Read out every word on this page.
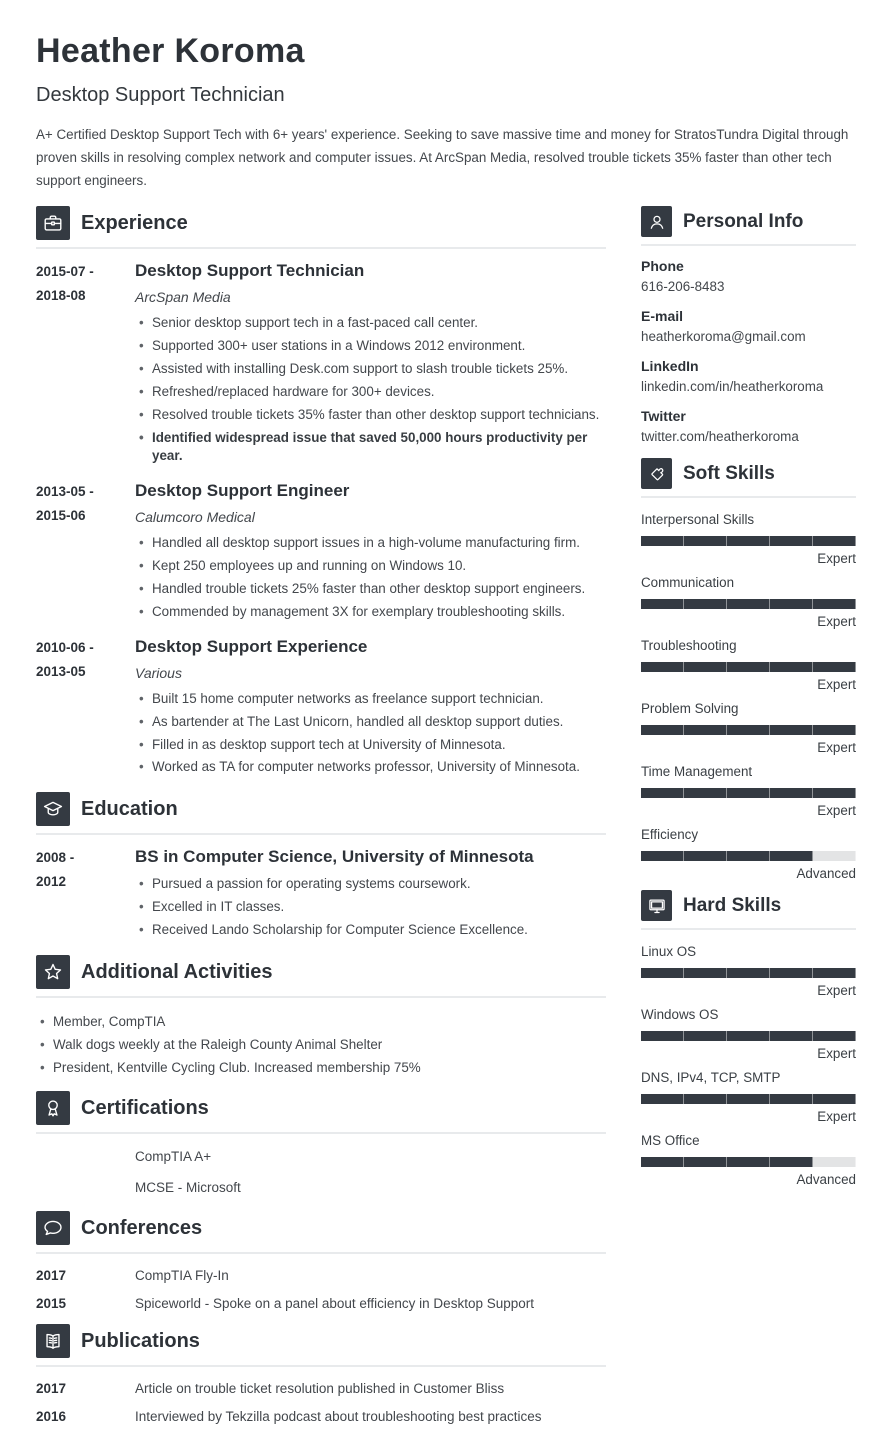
Heather Koroma
Desktop Support Technician

A+ Certified Desktop Support Tech with 6+ years' experience. Seeking to save massive time and money for StratosTundra Digital through proven skills in resolving complex network and computer issues. At ArcSpan Media, resolved trouble tickets 35% faster than other tech support engineers.

Experience
2015-07 -
2018-08
Desktop Support Technician
ArcSpan Media
• Senior desktop support tech in a fast-paced call center.
• Supported 300+ user stations in a Windows 2012 environment.
• Assisted with installing Desk.com support to slash trouble tickets 25%.
• Refreshed/replaced hardware for 300+ devices.
• Resolved trouble tickets 35% faster than other desktop support technicians.
• Identified widespread issue that saved 50,000 hours productivity per year.
2013-05 -
2015-06
Desktop Support Engineer
Calumcoro Medical
• Handled all desktop support issues in a high-volume manufacturing firm.
• Kept 250 employees up and running on Windows 10.
• Handled trouble tickets 25% faster than other desktop support engineers.
• Commended by management 3X for exemplary troubleshooting skills.
2010-06 -
2013-05
Desktop Support Experience
Various
• Built 15 home computer networks as freelance support technician.
• As bartender at The Last Unicorn, handled all desktop support duties.
• Filled in as desktop support tech at University of Minnesota.
• Worked as TA for computer networks professor, University of Minnesota.
Education
2008 -
2012
BS in Computer Science, University of Minnesota
• Pursued a passion for operating systems coursework.
• Excelled in IT classes.
• Received Lando Scholarship for Computer Science Excellence.
Additional Activities
• Member, CompTIA
• Walk dogs weekly at the Raleigh County Animal Shelter
• President, Kentville Cycling Club. Increased membership 75%
Certifications
CompTIA A+
MCSE - Microsoft
Conferences
2017	CompTIA Fly-In
2015	Spiceworld - Spoke on a panel about efficiency in Desktop Support
Publications
2017	Article on trouble ticket resolution published in Customer Bliss
2016	Interviewed by Tekzilla podcast about troubleshooting best practices
Personal Info
Phone
616-206-8483
E-mail
heatherkoroma@gmail.com
LinkedIn
linkedin.com/in/heatherkoroma
Twitter
twitter.com/heatherkoroma
Soft Skills
Interpersonal Skills
Expert
Communication
Expert
Troubleshooting
Expert
Problem Solving
Expert
Time Management
Expert
Efficiency
Advanced
Hard Skills
Linux OS
Expert
Windows OS
Expert
DNS, IPv4, TCP, SMTP
Expert
MS Office
Advanced
